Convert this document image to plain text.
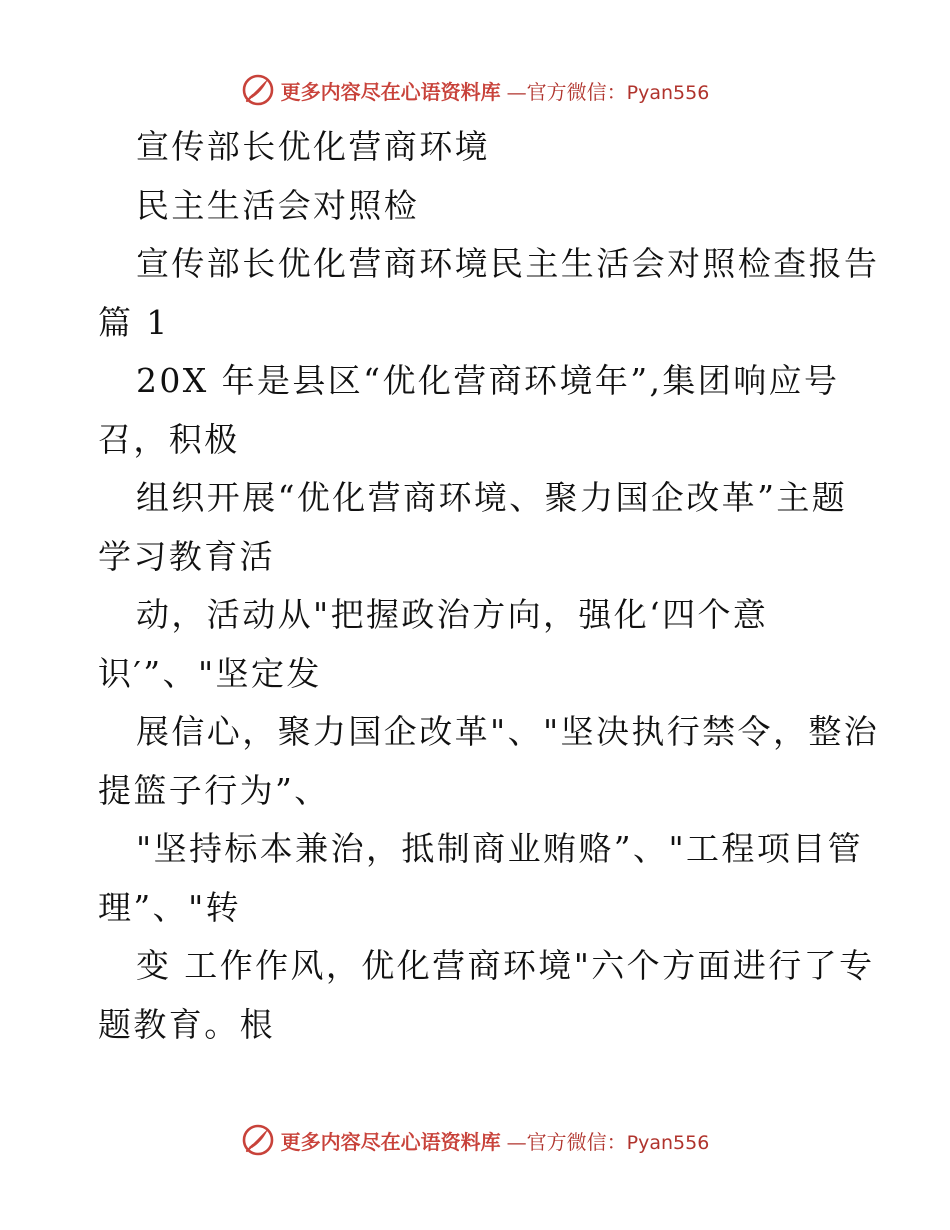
更多内容尽在心语资料库 —官方微信：Pyan556
宣传部长优化营商环境
民主生活会对照检
宣传部长优化营商环境民主生活会对照检查报告
篇 1
20X 年是县区“优化营商环境年”,集团响应号
召，积极
组织开展“优化营商环境、聚力国企改革”主题
学习教育活
动，活动从"把握政治方向，强化‘四个意
识′”、"坚定发
展信心，聚力国企改革"、"坚决执行禁令，整治
提篮子行为”、
"坚持标本兼治，抵制商业贿赂”、"工程项目管
理”、"转
变 工作作风，优化营商环境"六个方面进行了专
题教育。根
更多内容尽在心语资料库 —官方微信：Pyan556
